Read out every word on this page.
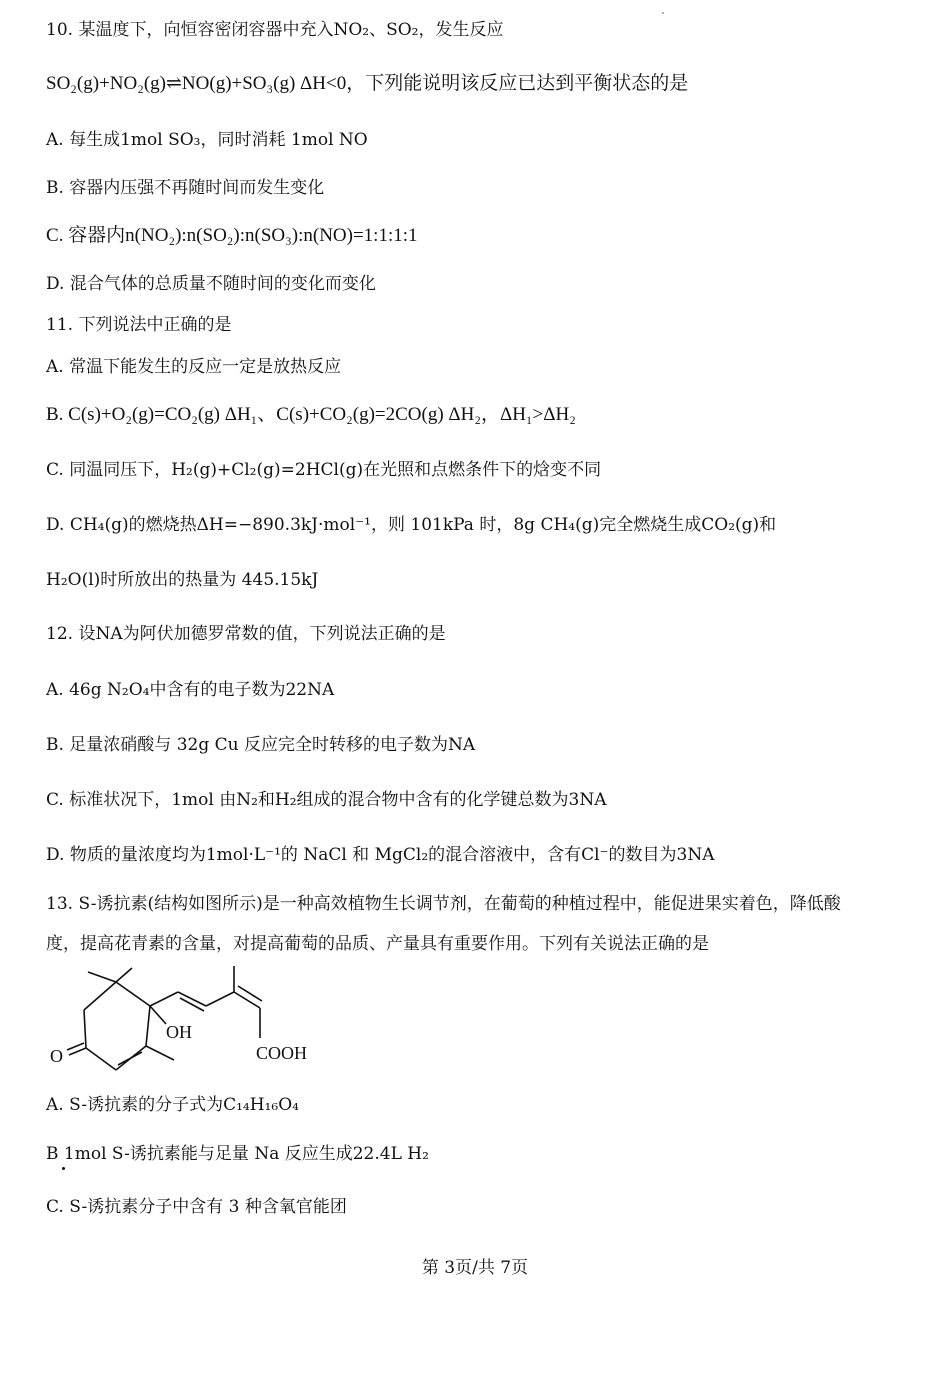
10. 某温度下，向恒容密闭容器中充入NO₂、SO₂，发生反应
SO₂(g)+NO₂(g)⇌NO(g)+SO₃(g) ΔH<0，下列能说明该反应已达到平衡状态的是
A. 每生成1mol SO₃，同时消耗 1mol NO
B. 容器内压强不再随时间而发生变化
C. 容器内n(NO₂):n(SO₂):n(SO₃):n(NO)=1:1:1:1
D. 混合气体的总质量不随时间的变化而变化
11. 下列说法中正确的是
A. 常温下能发生的反应一定是放热反应
B. C(s)+O₂(g)=CO₂(g) ΔH₁、C(s)+CO₂(g)=2CO(g) ΔH₂，ΔH₁>ΔH₂
C. 同温同压下，H₂(g)+Cl₂(g)=2HCl(g)在光照和点燃条件下的焓变不同
D. CH₄(g)的燃烧热ΔH=−890.3kJ·mol⁻¹，则 101kPa 时，8g CH₄(g)完全燃烧生成CO₂(g)和
H₂O(l)时所放出的热量为 445.15kJ
12. 设NA为阿伏加德罗常数的值，下列说法正确的是
A. 46g N₂O₄中含有的电子数为22NA
B. 足量浓硝酸与 32g Cu 反应完全时转移的电子数为NA
C. 标准状况下，1mol 由N₂和H₂组成的混合物中含有的化学键总数为3NA
D. 物质的量浓度均为1mol·L⁻¹的 NaCl 和 MgCl₂的混合溶液中，含有Cl⁻的数目为3NA
13. S-诱抗素(结构如图所示)是一种高效植物生长调节剂，在葡萄的种植过程中，能促进果实着色，降低酸
度，提高花青素的含量，对提高葡萄的品质、产量具有重要作用。下列有关说法正确的是
OH
O	COOH
A. S-诱抗素的分子式为C₁₄H₁₆O₄
B 1mol S-诱抗素能与足量 Na 反应生成22.4L H₂
C. S-诱抗素分子中含有 3 种含氧官能团
第 3页/共 7页
